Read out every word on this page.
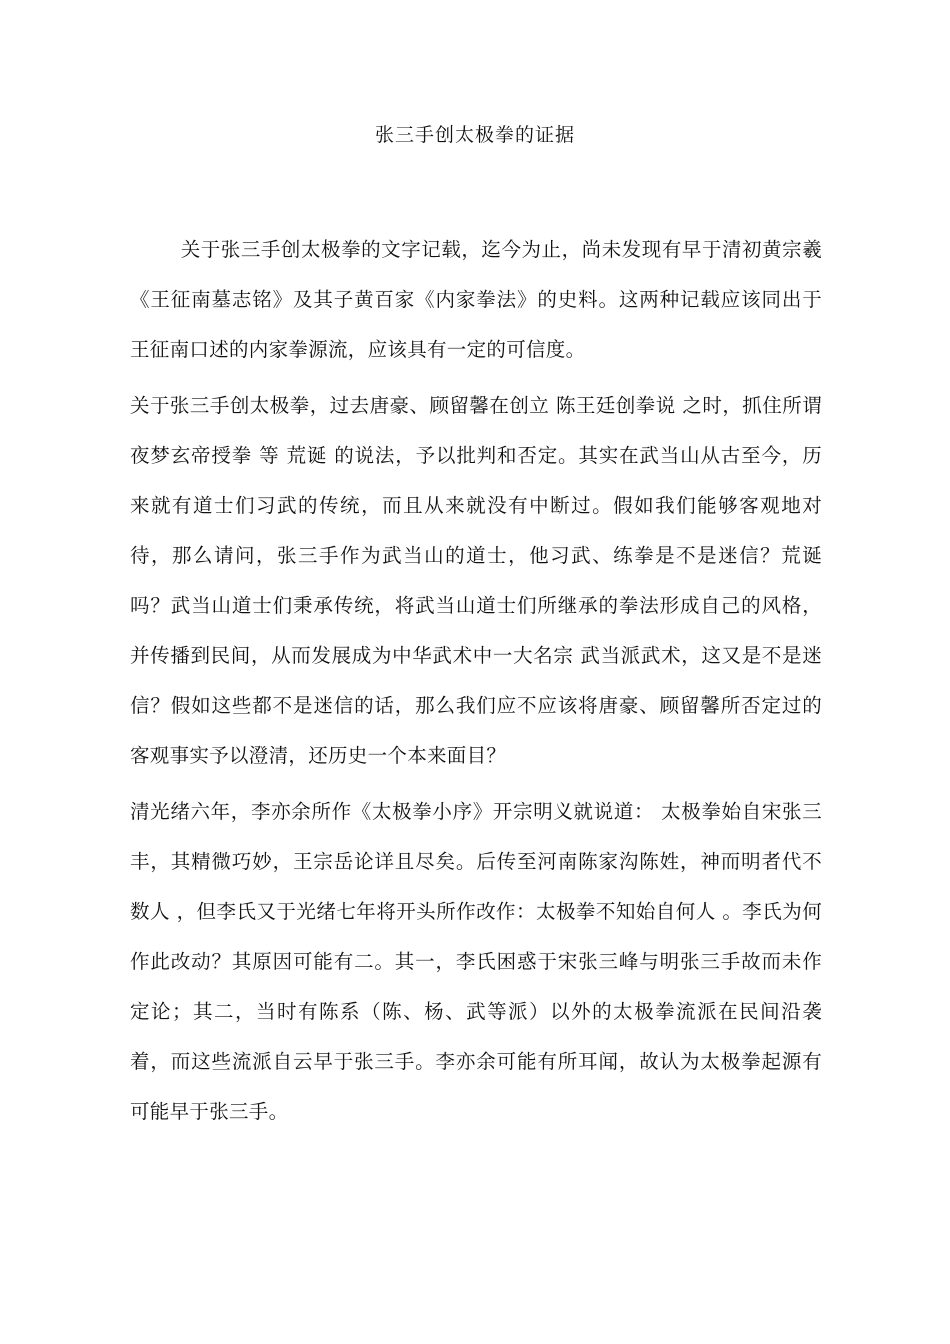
张三手创太极拳的证据

关于张三手创太极拳的文字记载，迄今为止，尚未发现有早于清初黄宗羲《王征南墓志铭》及其子黄百家《内家拳法》的史料。这两种记载应该同出于王征南口述的内家拳源流，应该具有一定的可信度。

关于张三手创太极拳，过去唐豪、顾留馨在创立 陈王廷创拳说 之时，抓住所谓 夜梦玄帝授拳 等 荒诞 的说法，予以批判和否定。其实在武当山从古至今，历来就有道士们习武的传统，而且从来就没有中断过。假如我们能够客观地对待，那么请问，张三手作为武当山的道士，他习武、练拳是不是迷信？荒诞吗？武当山道士们秉承传统，将武当山道士们所继承的拳法形成自己的风格，并传播到民间，从而发展成为中华武术中一大名宗 武当派武术，这又是不是迷信？假如这些都不是迷信的话，那么我们应不应该将唐豪、顾留馨所否定过的客观事实予以澄清，还历史一个本来面目？

清光绪六年，李亦余所作《太极拳小序》开宗明义就说道： 太极拳始自宋张三丰，其精微巧妙，王宗岳论详且尽矣。后传至河南陈家沟陈姓，神而明者代不数人 ，但李氏又于光绪七年将开头所作改作：太极拳不知始自何人 。李氏为何作此改动？其原因可能有二。其一，李氏困惑于宋张三峰与明张三手故而未作定论；其二，当时有陈系（陈、杨、武等派）以外的太极拳流派在民间沿袭着，而这些流派自云早于张三手。李亦余可能有所耳闻，故认为太极拳起源有可能早于张三手。
